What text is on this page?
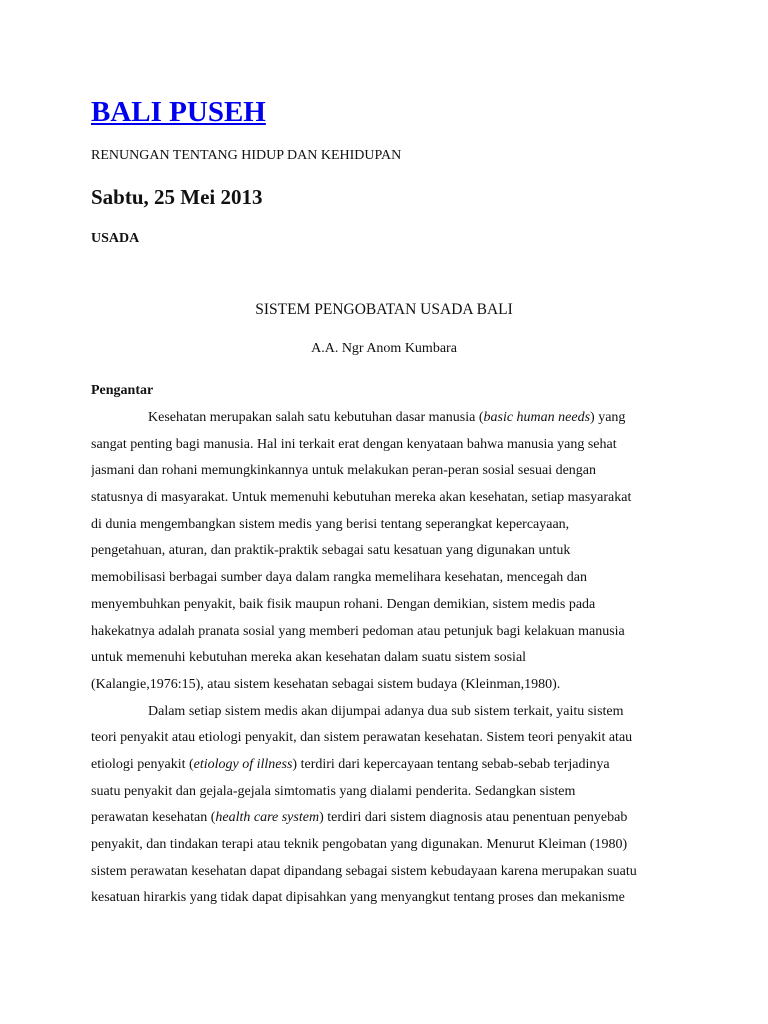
BALI PUSEH

RENUNGAN TENTANG HIDUP DAN KEHIDUPAN

Sabtu, 25 Mei 2013

USADA

SISTEM PENGOBATAN USADA BALI

A.A. Ngr Anom Kumbara

Pengantar

Kesehatan merupakan salah satu kebutuhan dasar manusia (basic human needs) yang
sangat penting bagi manusia. Hal ini terkait erat dengan kenyataan bahwa manusia yang sehat
jasmani dan rohani memungkinkannya untuk melakukan peran-peran sosial sesuai dengan
statusnya di masyarakat. Untuk memenuhi kebutuhan mereka akan kesehatan, setiap masyarakat
di dunia mengembangkan sistem medis yang berisi tentang seperangkat kepercayaan,
pengetahuan, aturan, dan praktik-praktik sebagai satu kesatuan yang digunakan untuk
memobilisasi berbagai sumber daya dalam rangka memelihara kesehatan, mencegah dan
menyembuhkan penyakit, baik fisik maupun rohani. Dengan demikian, sistem medis pada
hakekatnya adalah pranata sosial yang memberi pedoman atau petunjuk bagi kelakuan manusia
untuk memenuhi kebutuhan mereka akan kesehatan dalam suatu sistem sosial
(Kalangie,1976:15), atau sistem kesehatan sebagai sistem budaya (Kleinman,1980).
Dalam setiap sistem medis akan dijumpai adanya dua sub sistem terkait, yaitu sistem
teori penyakit atau etiologi penyakit, dan sistem perawatan kesehatan. Sistem teori penyakit atau
etiologi penyakit (etiology of illness) terdiri dari kepercayaan tentang sebab-sebab terjadinya
suatu penyakit dan gejala-gejala simtomatis yang dialami penderita. Sedangkan sistem
perawatan kesehatan (health care system) terdiri dari sistem diagnosis atau penentuan penyebab
penyakit, dan tindakan terapi atau teknik pengobatan yang digunakan. Menurut Kleiman (1980)
sistem perawatan kesehatan dapat dipandang sebagai sistem kebudayaan karena merupakan suatu
kesatuan hirarkis yang tidak dapat dipisahkan yang menyangkut tentang proses dan mekanisme
